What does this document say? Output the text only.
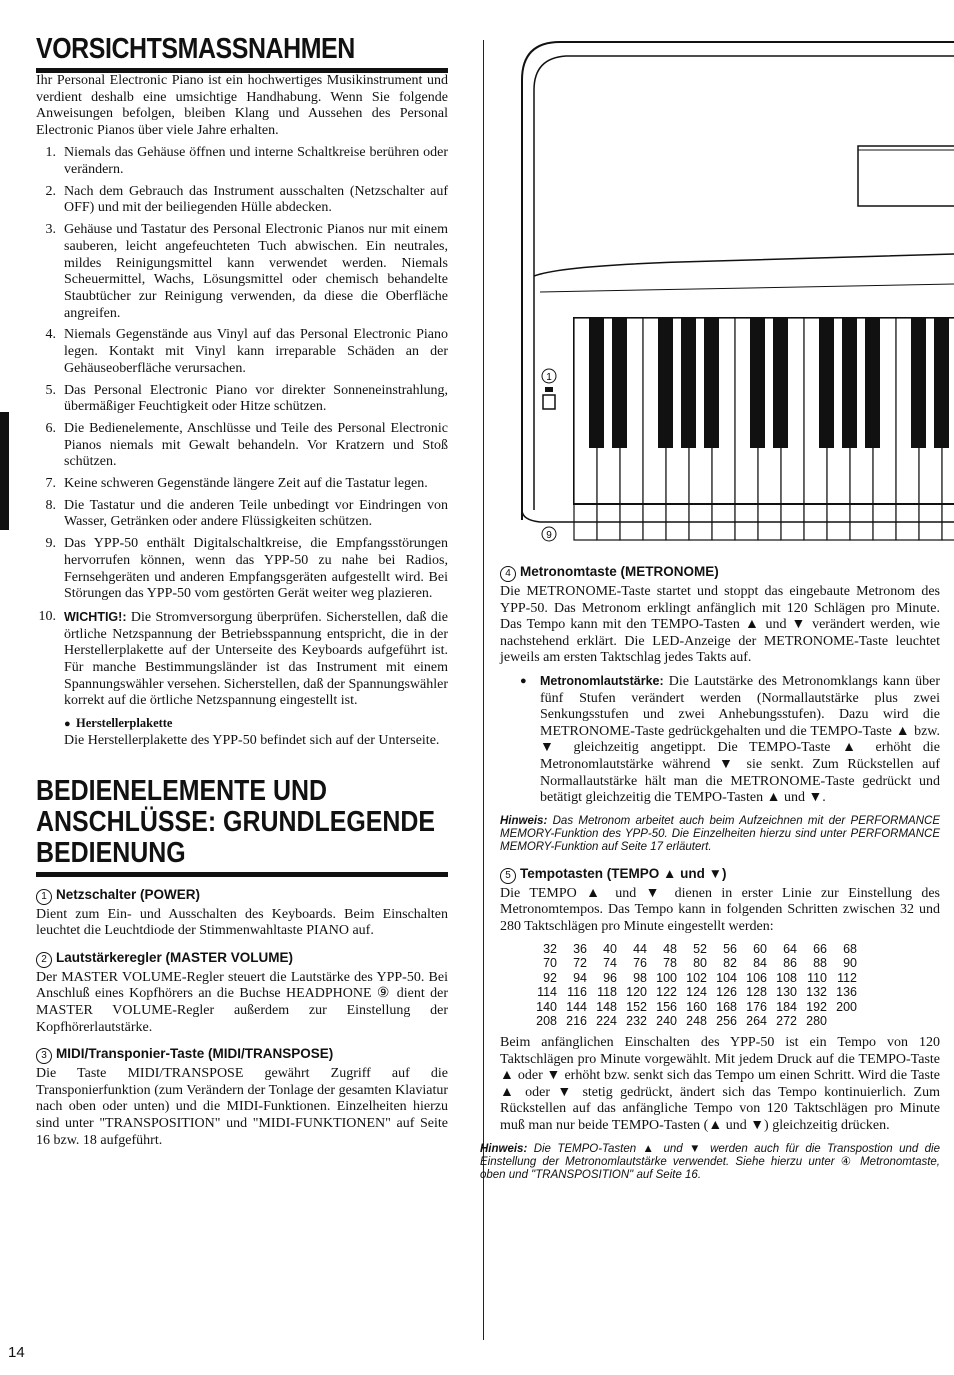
VORSICHTSMASSNAHMEN

Ihr Personal Electronic Piano ist ein hochwertiges Musikinstrument und verdient deshalb eine umsichtige Handhabung. Wenn Sie folgende Anweisungen befolgen, bleiben Klang und Aussehen des Personal Electronic Pianos über viele Jahre erhalten.

1. Niemals das Gehäuse öffnen und interne Schaltkreise berühren oder verändern.
2. Nach dem Gebrauch das Instrument ausschalten (Netzschalter auf OFF) und mit der beiliegenden Hülle abdecken.
3. Gehäuse und Tastatur des Personal Electronic Pianos nur mit einem sauberen, leicht angefeuchteten Tuch abwischen. Ein neutrales, mildes Reinigungsmittel kann verwendet werden. Niemals Scheuermittel, Wachs, Lösungsmittel oder chemisch behandelte Staubtücher zur Reinigung verwenden, da diese die Oberfläche angreifen.
4. Niemals Gegenstände aus Vinyl auf das Personal Electronic Piano legen. Kontakt mit Vinyl kann irreparable Schäden an der Gehäuseoberfläche verursachen.
5. Das Personal Electronic Piano vor direkter Sonneneinstrahlung, übermäßiger Feuchtigkeit oder Hitze schützen.
6. Die Bedienelemente, Anschlüsse und Teile des Personal Electronic Pianos niemals mit Gewalt behandeln. Vor Kratzern und Stoß schützen.
7. Keine schweren Gegenstände längere Zeit auf die Tastatur legen.
8. Die Tastatur und die anderen Teile unbedingt vor Eindringen von Wasser, Getränken oder andere Flüssigkeiten schützen.
9. Das YPP-50 enthält Digitalschaltkreise, die Empfangsstörungen hervorrufen können, wenn das YPP-50 zu nahe bei Radios, Fernsehgeräten und anderen Empfangsgeräten aufgestellt wird. Bei Störungen das YPP-50 vom gestörten Gerät weiter weg plazieren.
10. WICHTIG!: Die Stromversorgung überprüfen. Sicherstellen, daß die örtliche Netzspannung der Betriebsspannung entspricht, die in der Herstellerplakette auf der Unterseite des Keyboards aufgeführt ist. Für manche Bestimmungsländer ist das Instrument mit einem Spannungswähler versehen. Sicherstellen, daß der Spannungswähler korrekt auf die örtliche Netzspannung eingestellt ist.
● Herstellerplakette
Die Herstellerplakette des YPP-50 befindet sich auf der Unterseite.
BEDIENELEMENTE UND ANSCHLÜSSE: GRUNDLEGENDE BEDIENUNG
1 Netzschalter (POWER)

Dient zum Ein- und Ausschalten des Keyboards. Beim Einschalten leuchtet die Leuchtdiode der Stimmenwahltaste PIANO auf.

2 Lautstärkeregler (MASTER VOLUME)

Der MASTER VOLUME-Regler steuert die Lautstärke des YPP-50. Bei Anschluß eines Kopfhörers an die Buchse HEADPHONE ⑨ dient der MASTER VOLUME-Regler außerdem zur Einstellung der Kopfhörerlautstärke.

3 MIDI/Transponier-Taste (MIDI/TRANSPOSE)

Die Taste MIDI/TRANSPOSE gewährt Zugriff auf die Transponierfunktion (zum Verändern der Tonlage der gesamten Klaviatur nach oben oder unten) und die MIDI-Funktionen. Einzelheiten hierzu sind unter "TRANSPOSITION" und "MIDI-FUNKTIONEN" auf Seite 16 bzw. 18 aufgeführt.

1
9
4 Metronomtaste (METRONOME)

Die METRONOME-Taste startet und stoppt das eingebaute Metronom des YPP-50. Das Metronom erklingt anfänglich mit 120 Schlägen pro Minute. Das Tempo kann mit den TEMPO-Tasten ▲ und ▼ verändert werden, wie nachstehend erklärt. Die LED-Anzeige der METRONOME-Taste leuchtet jeweils am ersten Taktschlag jedes Takts auf.

● Metronomlautstärke: Die Lautstärke des Metronomklangs kann über fünf Stufen verändert werden (Normallautstärke plus zwei Senkungsstufen und zwei Anhebungsstufen). Dazu wird die METRONOME-Taste gedrückgehalten und die TEMPO-Taste ▲ bzw. ▼ gleichzeitig angetippt. Die TEMPO-Taste ▲ erhöht die Metronomlautstärke während ▼ sie senkt. Zum Rückstellen auf Normallautstärke hält man die METRONOME-Taste gedrückt und betätigt gleichzeitig die TEMPO-Tasten ▲ und ▼.

Hinweis: Das Metronom arbeitet auch beim Aufzeichnen mit der PERFORMANCE MEMORY-Funktion des YPP-50. Die Einzelheiten hierzu sind unter PERFORMANCE MEMORY-Funktion auf Seite 17 erläutert.

5 Tempotasten (TEMPO ▲ und ▼)

Die TEMPO ▲ und ▼ dienen in erster Linie zur Einstellung des Metronomtempos. Das Tempo kann in folgenden Schritten zwischen 32 und 280 Taktschlägen pro Minute eingestellt werden:

32	36	40	44	48	52	56	60	64	66	68
70	72	74	76	78	80	82	84	86	88	90
92	94	96	98	100	102	104	106	108	110	112
114	116	118	120	122	124	126	128	130	132	136
140	144	148	152	156	160	168	176	184	192	200
208	216	224	232	240	248	256	264	272	280	

Beim anfänglichen Einschalten des YPP-50 ist ein Tempo von 120 Taktschlägen pro Minute vorgewählt. Mit jedem Druck auf die TEMPO-Taste ▲ oder ▼ erhöht bzw. senkt sich das Tempo um einen Schritt. Wird die Taste ▲ oder ▼ stetig gedrückt, ändert sich das Tempo kontinuierlich. Zum Rückstellen auf das anfängliche Tempo von 120 Taktschlägen pro Minute muß man nur beide TEMPO-Tasten (▲ und ▼) gleichzeitig drücken.

Hinweis: Die TEMPO-Tasten ▲ und ▼ werden auch für die Transpostion und die Einstellung der Metronomlautstärke verwendet. Siehe hierzu unter ④ Metronomtaste, oben und "TRANSPOSITION" auf Seite 16.

14
